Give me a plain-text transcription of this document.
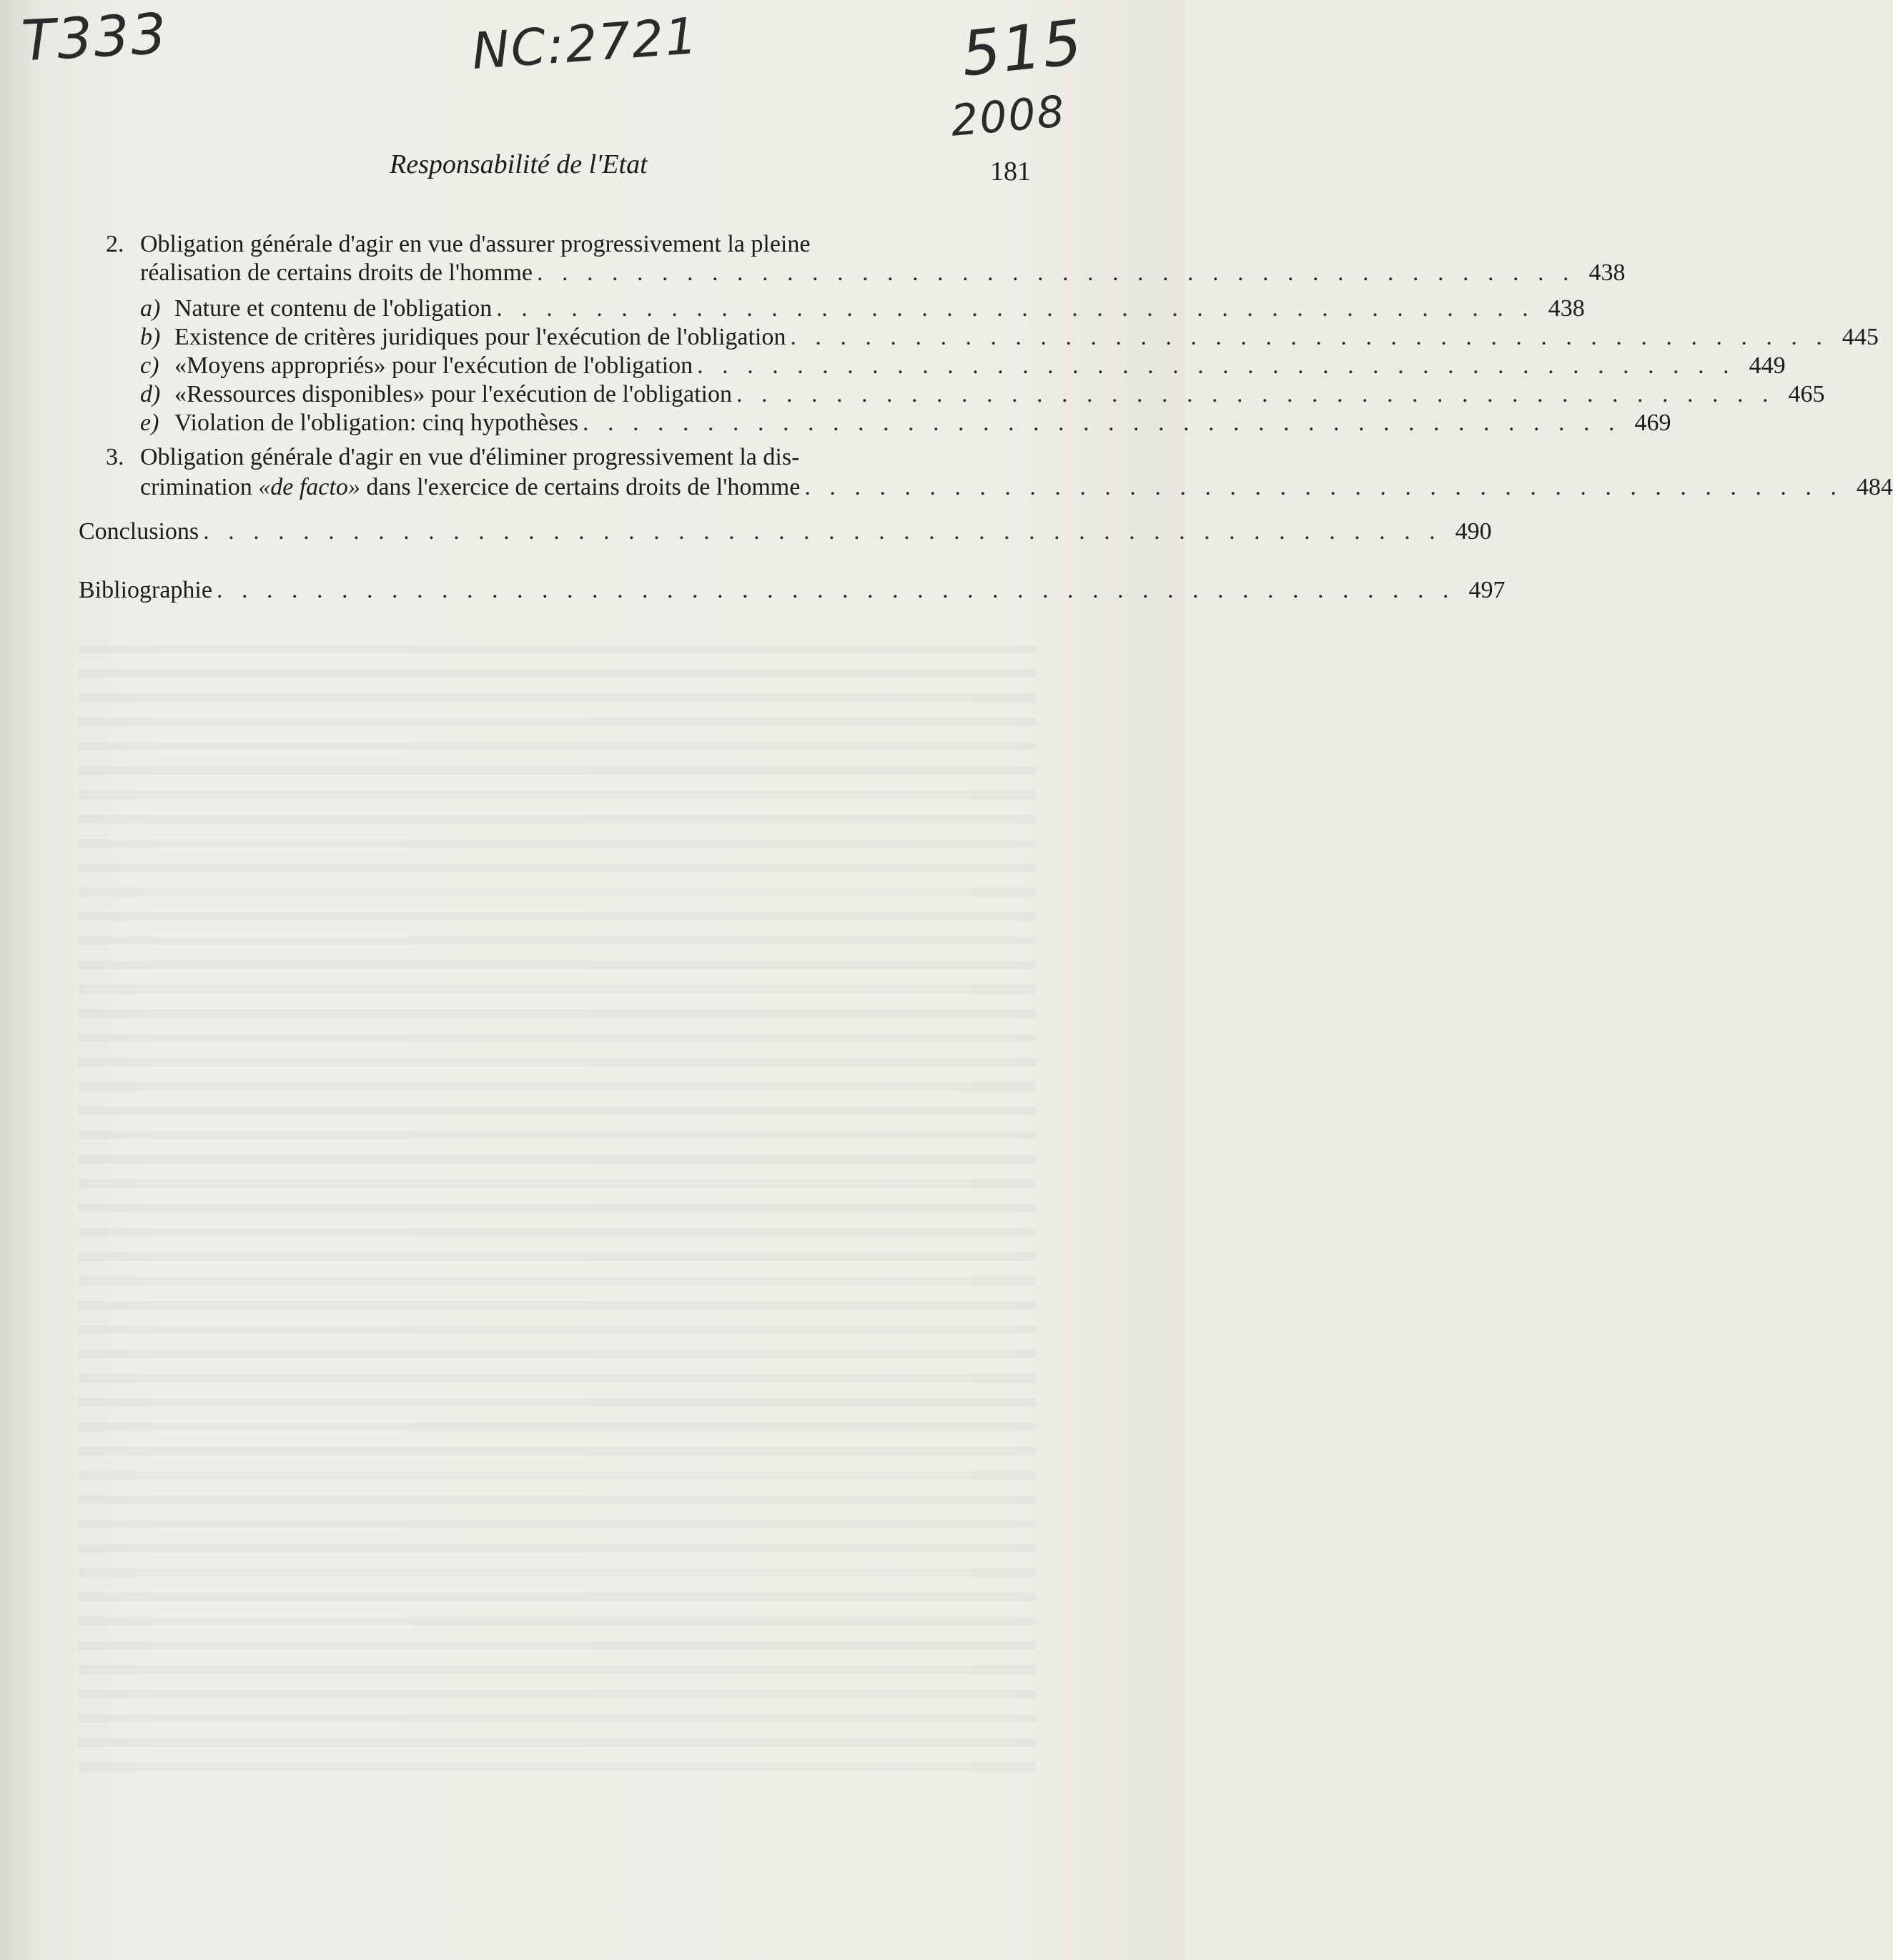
T333	NC:2721	515
2008
Responsabilité de l'Etat	181
2. Obligation générale d'agir en vue d'assurer progressivement la pleine
réalisation de certains droits de l'homme . . . . . . . . . . . . . . . . . . . . . . . . . . . . . . . . . . . . . . . . . . 438
a) Nature et contenu de l'obligation . . . . . . . . . . . . . . . . . . . . . . . . . . . . . . . . . . . . . . . . . . 438
b) Existence de critères juridiques pour l'exécution de l'obligation . . . . . . . . . . . . . . . . . . . . . . . . . . . . . . . . . . . . . . . . . . 445
c) «Moyens appropriés» pour l'exécution de l'obligation . . . . . . . . . . . . . . . . . . . . . . . . . . . . . . . . . . . . . . . . . . 449
d) «Ressources disponibles» pour l'exécution de l'obligation . . . . . . . . . . . . . . . . . . . . . . . . . . . . . . . . . . . . . . . . . . 465
e) Violation de l'obligation: cinq hypothèses . . . . . . . . . . . . . . . . . . . . . . . . . . . . . . . . . . . . . . . . . . 469
3. Obligation générale d'agir en vue d'éliminer progressivement la dis-
crimination «de facto» dans l'exercice de certains droits de l'homme . . . . . . . . . . . . . . . . . . . . . . . . . . . . . . . . . . . . . . . . . . 484
Conclusions . . . . . . . . . . . . . . . . . . . . . . . . . . . . . . . . . . . . . . . . . . . . . . . . . . 490
Bibliographie . . . . . . . . . . . . . . . . . . . . . . . . . . . . . . . . . . . . . . . . . . . . . . . . . . 497
